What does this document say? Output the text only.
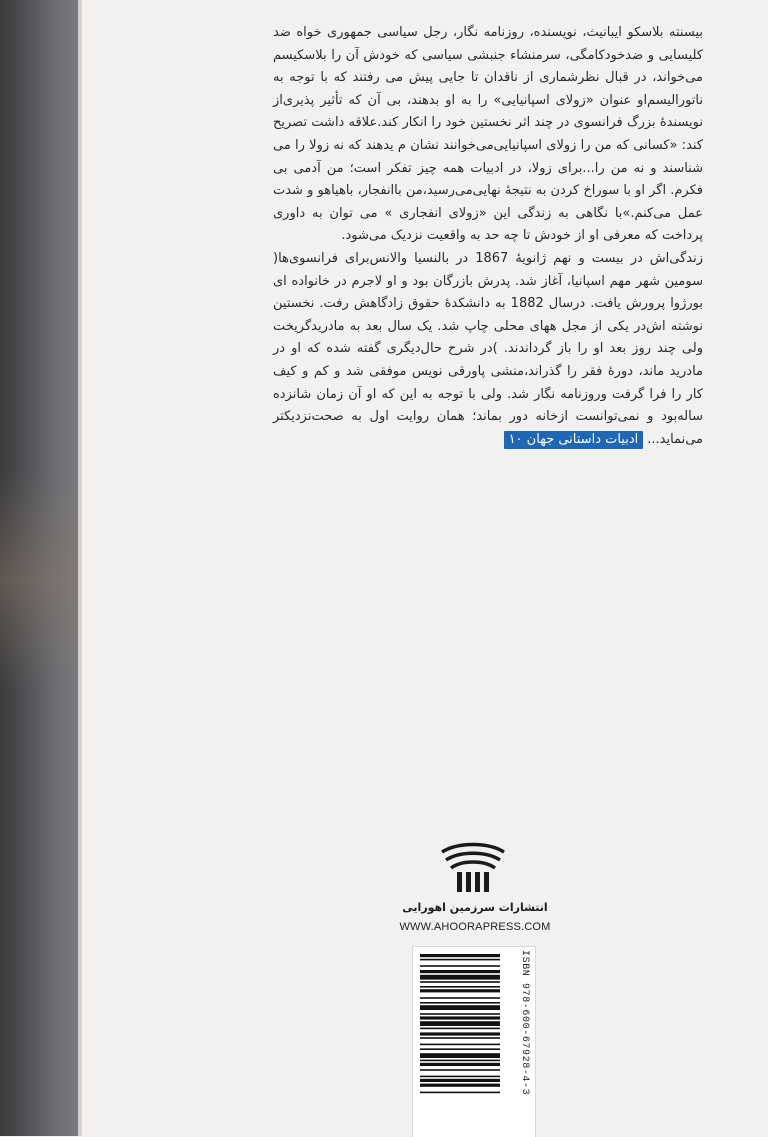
بیسنته بلاسکو ایبانیث، نویسنده، روزنامه نگار، رجل سیاسی جمهوری خواه ضد کلیسایی و ضدخودکامگی، سرمنشاء جنبشی سیاسی که خودش آن را بلاسکیسم می‌خواند، در قبال نظرشماری از ناقدان تا جایی پیش می رفتند که با توجه به ناتورالیسم‌او عنوان «زولای اسپانیایی» را به او بدهند، بی آن که تأثیر پذیری‌از نویسندۀ بزرگ فرانسوی در چند اثر نخستین خود را انکار کند.علاقه داشت تصریح کند: «کسانی که من را زولای اسپانیایی‌می‌خوانند نشان م یدهند که نه زولا را می شناسند و نه من را...برای زولا، در ادبیات همه چیز تفکر است؛ من آدمی بی فکرم. اگر او با سوراخ کردن به نتیجهٔ نهایی‌می‌رسید،من باانفجار، باهیاهو و شدت عمل می‌کنم.»با نگاهی به زندگی این «زولای انفجاری » می توان به داوری پرداخت که معرفی او از خودش تا چه حد به واقعیت نزدیک می‌شود.

زندگی‌اش در بیست و نهم ژانویهٔ 1867 در بالنسیا والانس‌برای فرانسوی‌ها( سومین شهر مهم اسپانیا، آغاز شد. پدرش بازرگان بود و او لاجرم در خانواده ای بورژوا پرورش یافت. درسال 1882 به دانشکدهٔ حقوق زادگاهش رفت. نخستین نوشته اش‌در یکی از مجل ههای محلی چاپ شد. یک سال بعد به مادریدگریخت ولی چند روز بعد او را باز گرداندند. )در شرح حال‌دیگری گفته شده که او در مادرید ماند، دورهٔ فقر را گذراند،منشی پاورقی نویس موفقی شد و کم و کیف کار را فرا گرفت وروزنامه نگار شد. ولی با توجه به این که او آن زمان شانزده ساله‌بود و نمی‌توانست ازخانه دور بماند؛ همان روایت اول به صحت‌نزدیکتر می‌نماید...ادبیات داستانی جهان ۱۰

انتشارات سرزمین اهورایی
WWW.AHOORAPRESS.COM
ISBN 978-600-67928-4-3
